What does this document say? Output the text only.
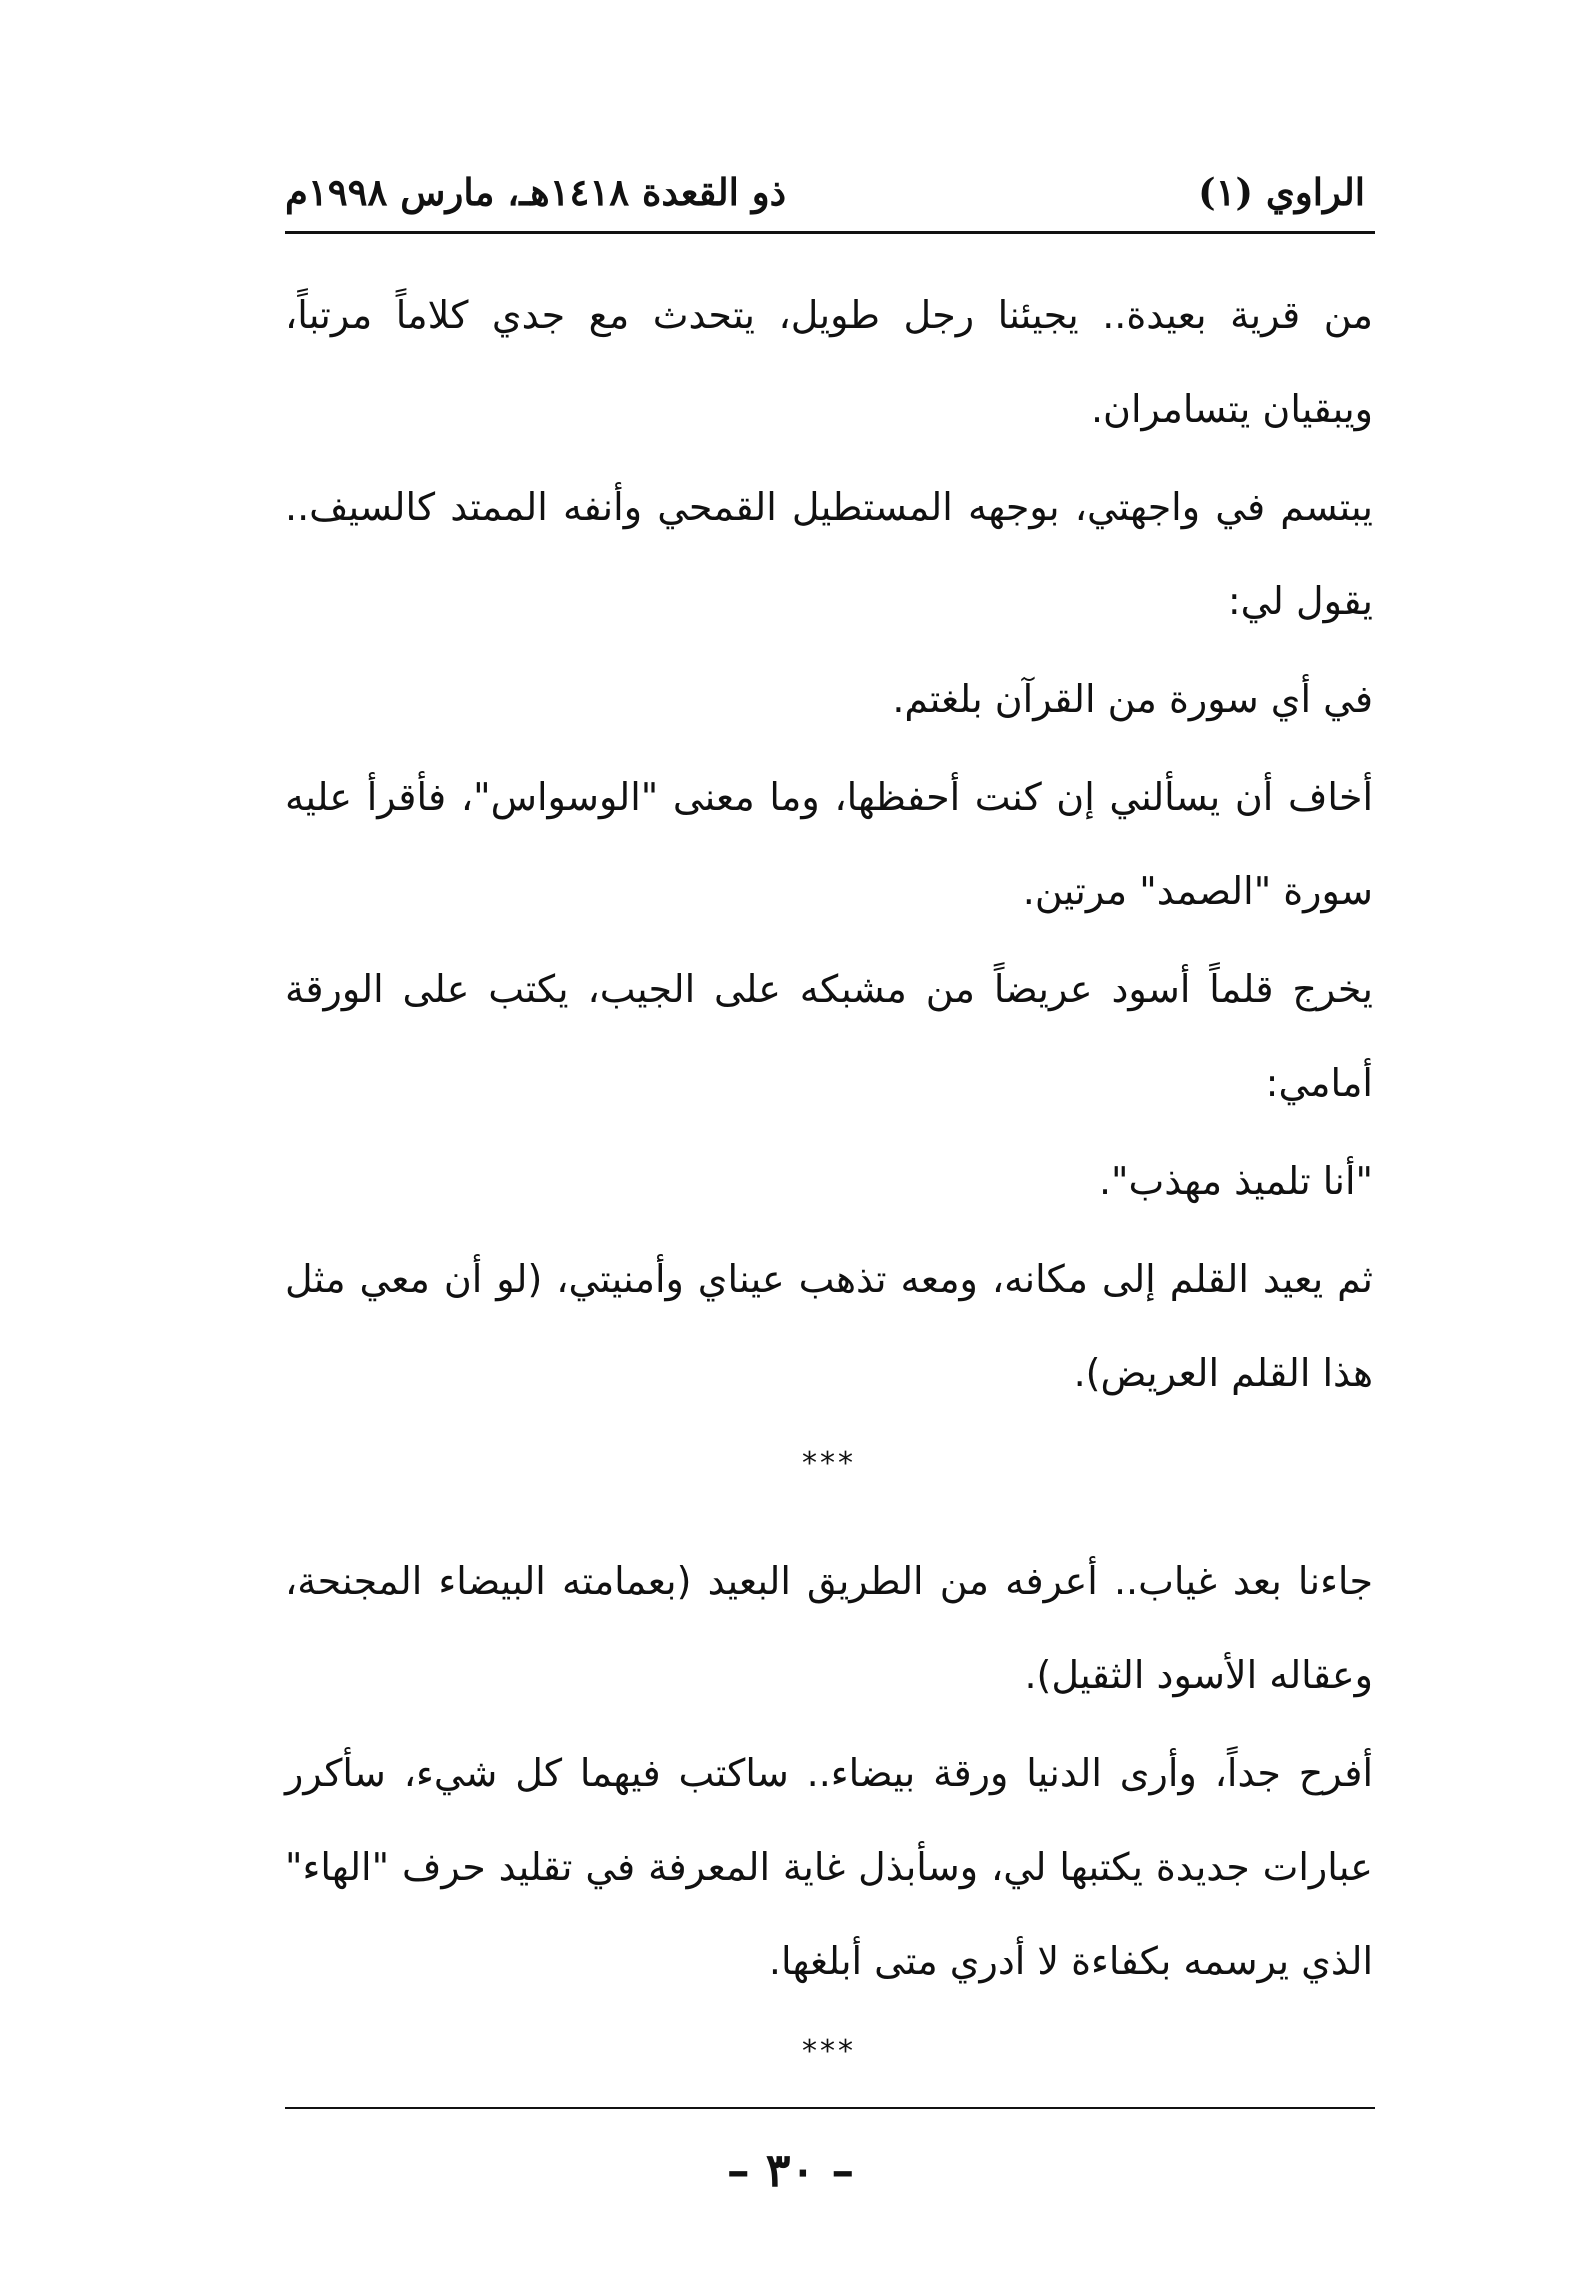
الراوي (١)
ذو القعدة ١٤١٨هـ، مارس ١٩٩٨م

من قرية بعيدة.. يجيئنا رجل طويل، يتحدث مع جدي كلاماً مرتباً، ويبقيان يتسامران.

يبتسم في واجهتي، بوجهه المستطيل القمحي وأنفه الممتد كالسيف.. يقول لي:

في أي سورة من القرآن بلغتم.

أخاف أن يسألني إن كنت أحفظها، وما معنى "الوسواس"، فأقرأ عليه سورة "الصمد" مرتين.

يخرج قلماً أسود عريضاً من مشبكه على الجيب، يكتب على الورقة أمامي:

"أنا تلميذ مهذب".

ثم يعيد القلم إلى مكانه، ومعه تذهب عيناي وأمنيتي، (لو أن معي مثل هذا القلم العريض).

***

جاءنا بعد غياب.. أعرفه من الطريق البعيد (بعمامته البيضاء المجنحة، وعقاله الأسود الثقيل).

أفرح جداً، وأرى الدنيا ورقة بيضاء.. ساكتب فيهما كل شيء، سأكرر عبارات جديدة يكتبها لي، وسأبذل غاية المعرفة في تقليد حرف "الهاء" الذي يرسمه بكفاءة لا أدري متى أبلغها.

***
– ٣٠ –
